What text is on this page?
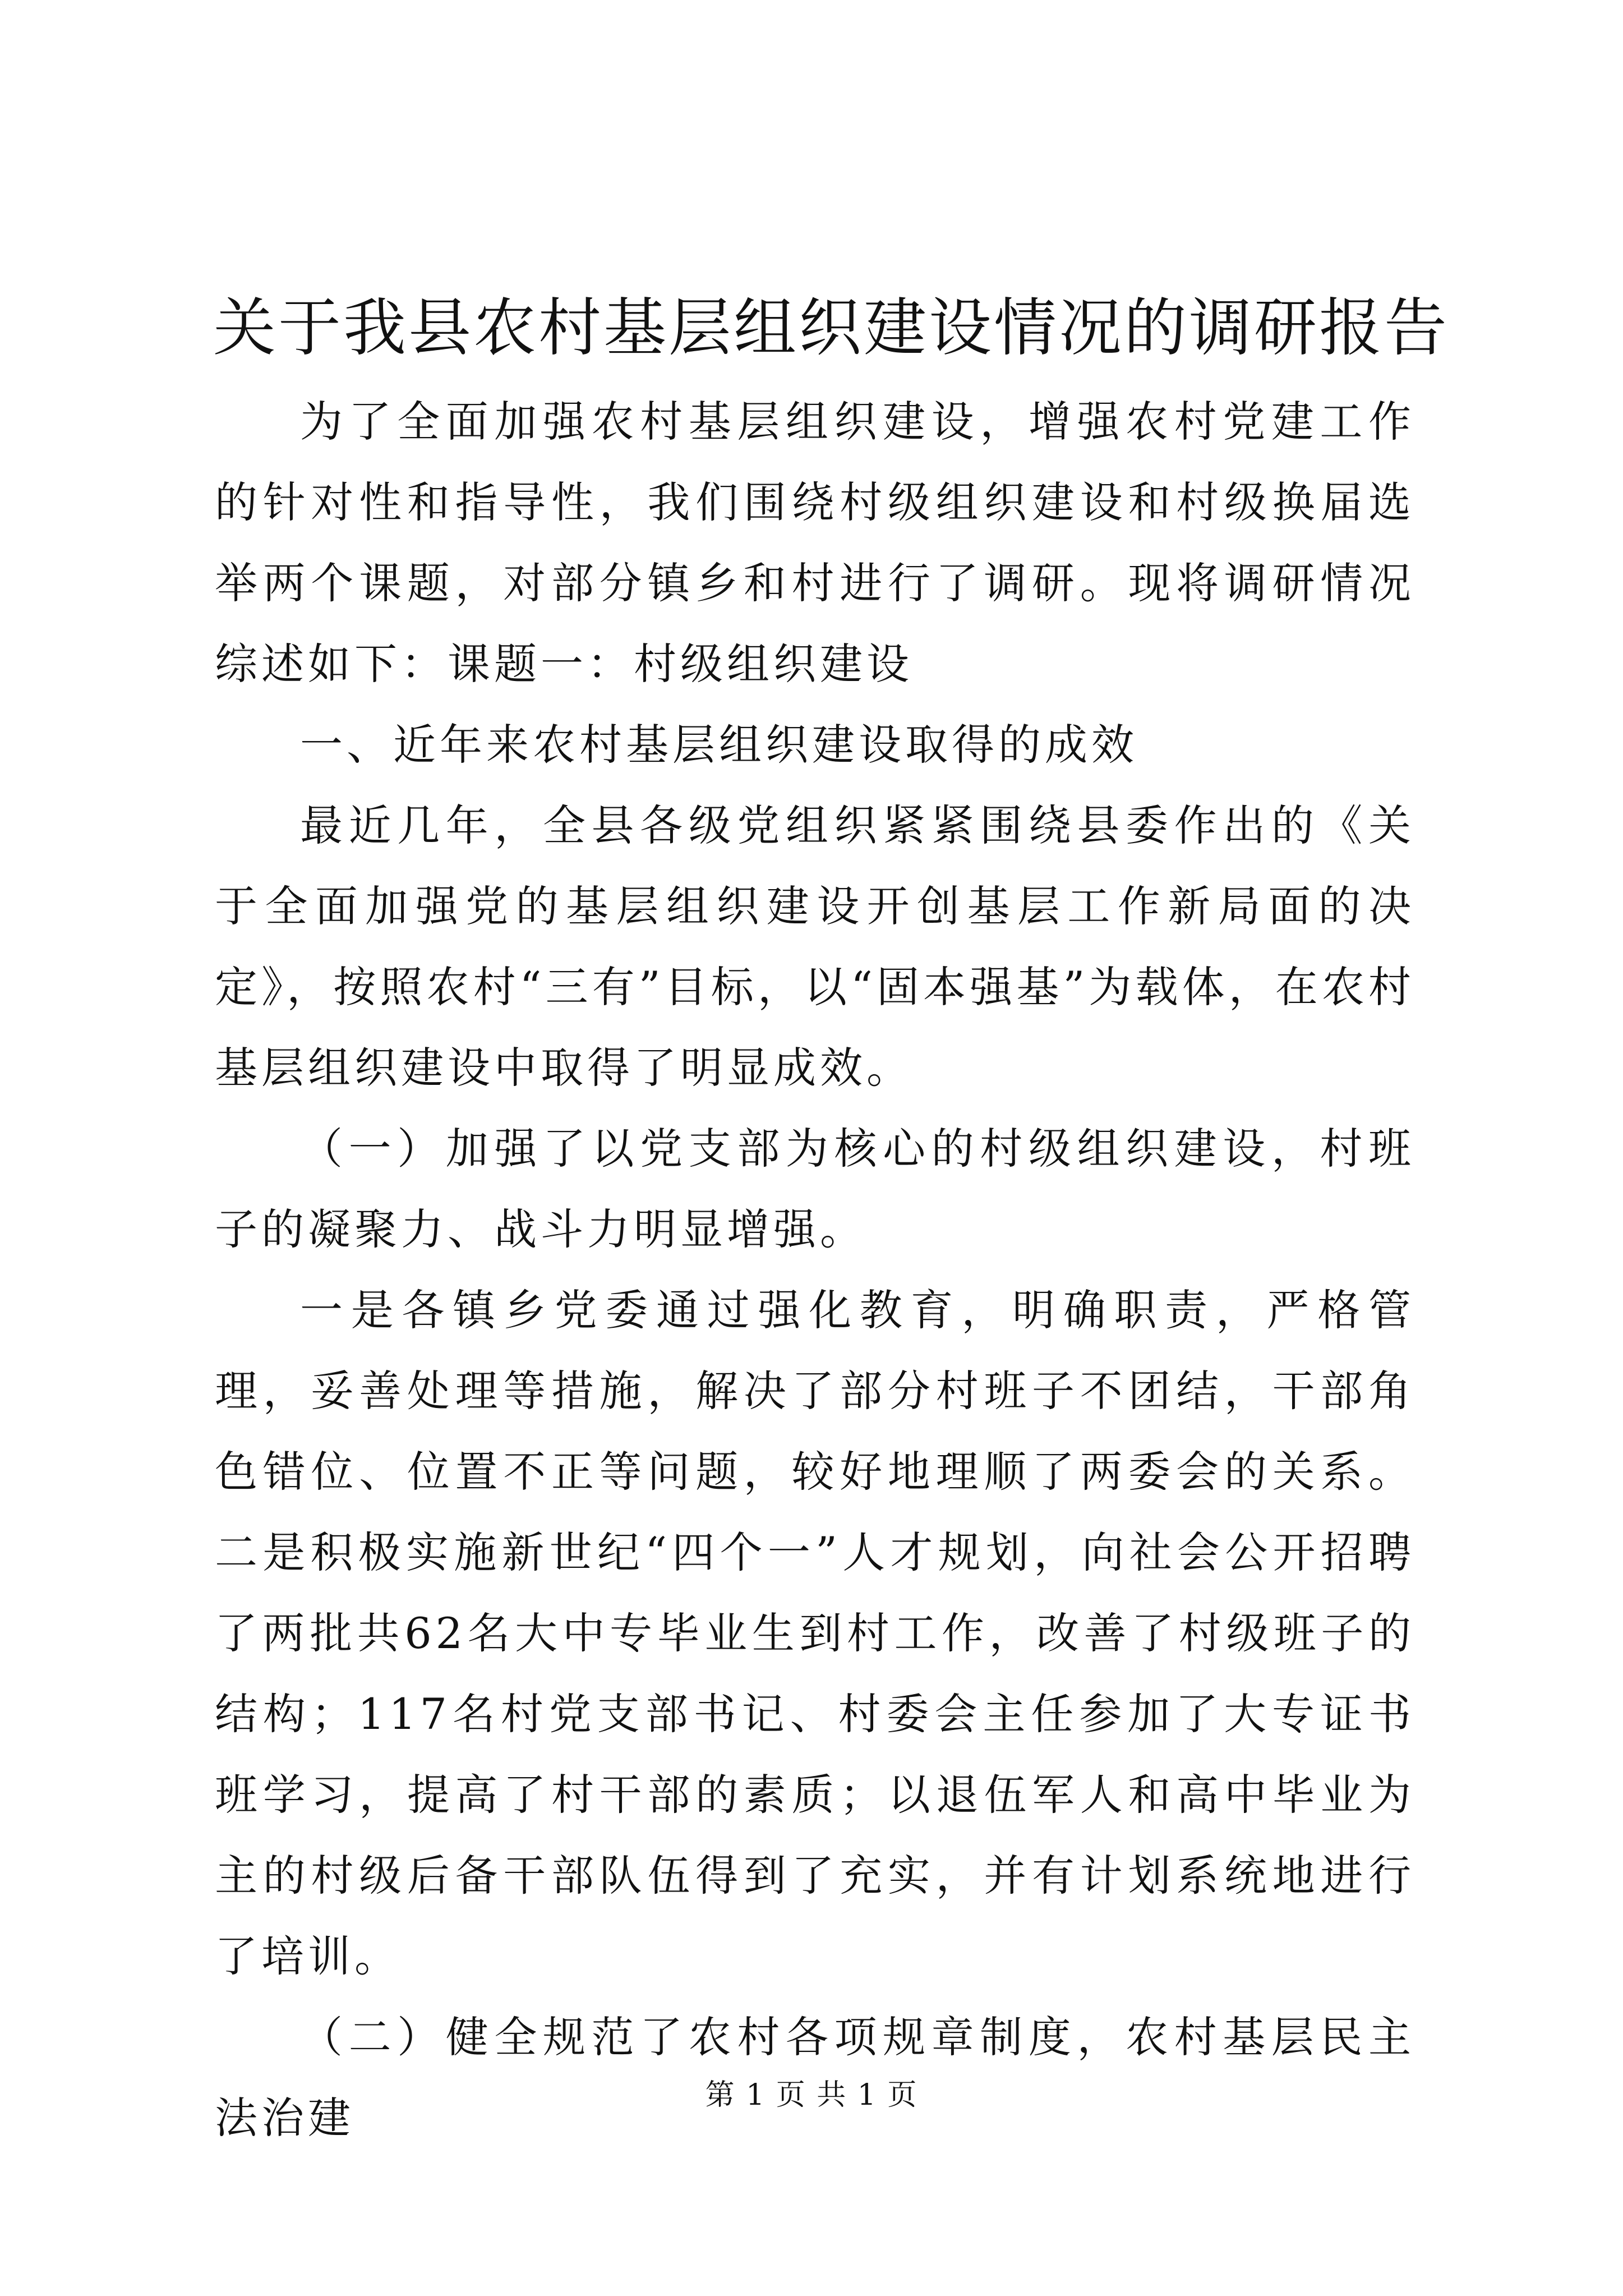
关于我县农村基层组织建设情况的调研报告

为了全面加强农村基层组织建设，增强农村党建工作的针对性和指导性，我们围绕村级组织建设和村级换届选举两个课题，对部分镇乡和村进行了调研。现将调研情况综述如下：课题一：村级组织建设

一、近年来农村基层组织建设取得的成效

最近几年，全县各级党组织紧紧围绕县委作出的《关于全面加强党的基层组织建设开创基层工作新局面的决定》，按照农村“三有”目标，以“固本强基”为载体，在农村基层组织建设中取得了明显成效。

（一）加强了以党支部为核心的村级组织建设，村班子的凝聚力、战斗力明显增强。

一是各镇乡党委通过强化教育，明确职责，严格管理，妥善处理等措施，解决了部分村班子不团结，干部角色错位、位置不正等问题，较好地理顺了两委会的关系。二是积极实施新世纪“四个一”人才规划，向社会公开招聘了两批共62名大中专毕业生到村工作，改善了村级班子的结构；117名村党支部书记、村委会主任参加了大专证书班学习，提高了村干部的素质；以退伍军人和高中毕业为主的村级后备干部队伍得到了充实，并有计划系统地进行了培训。

（二）健全规范了农村各项规章制度，农村基层民主法治建	第 1 页 共 1 页
